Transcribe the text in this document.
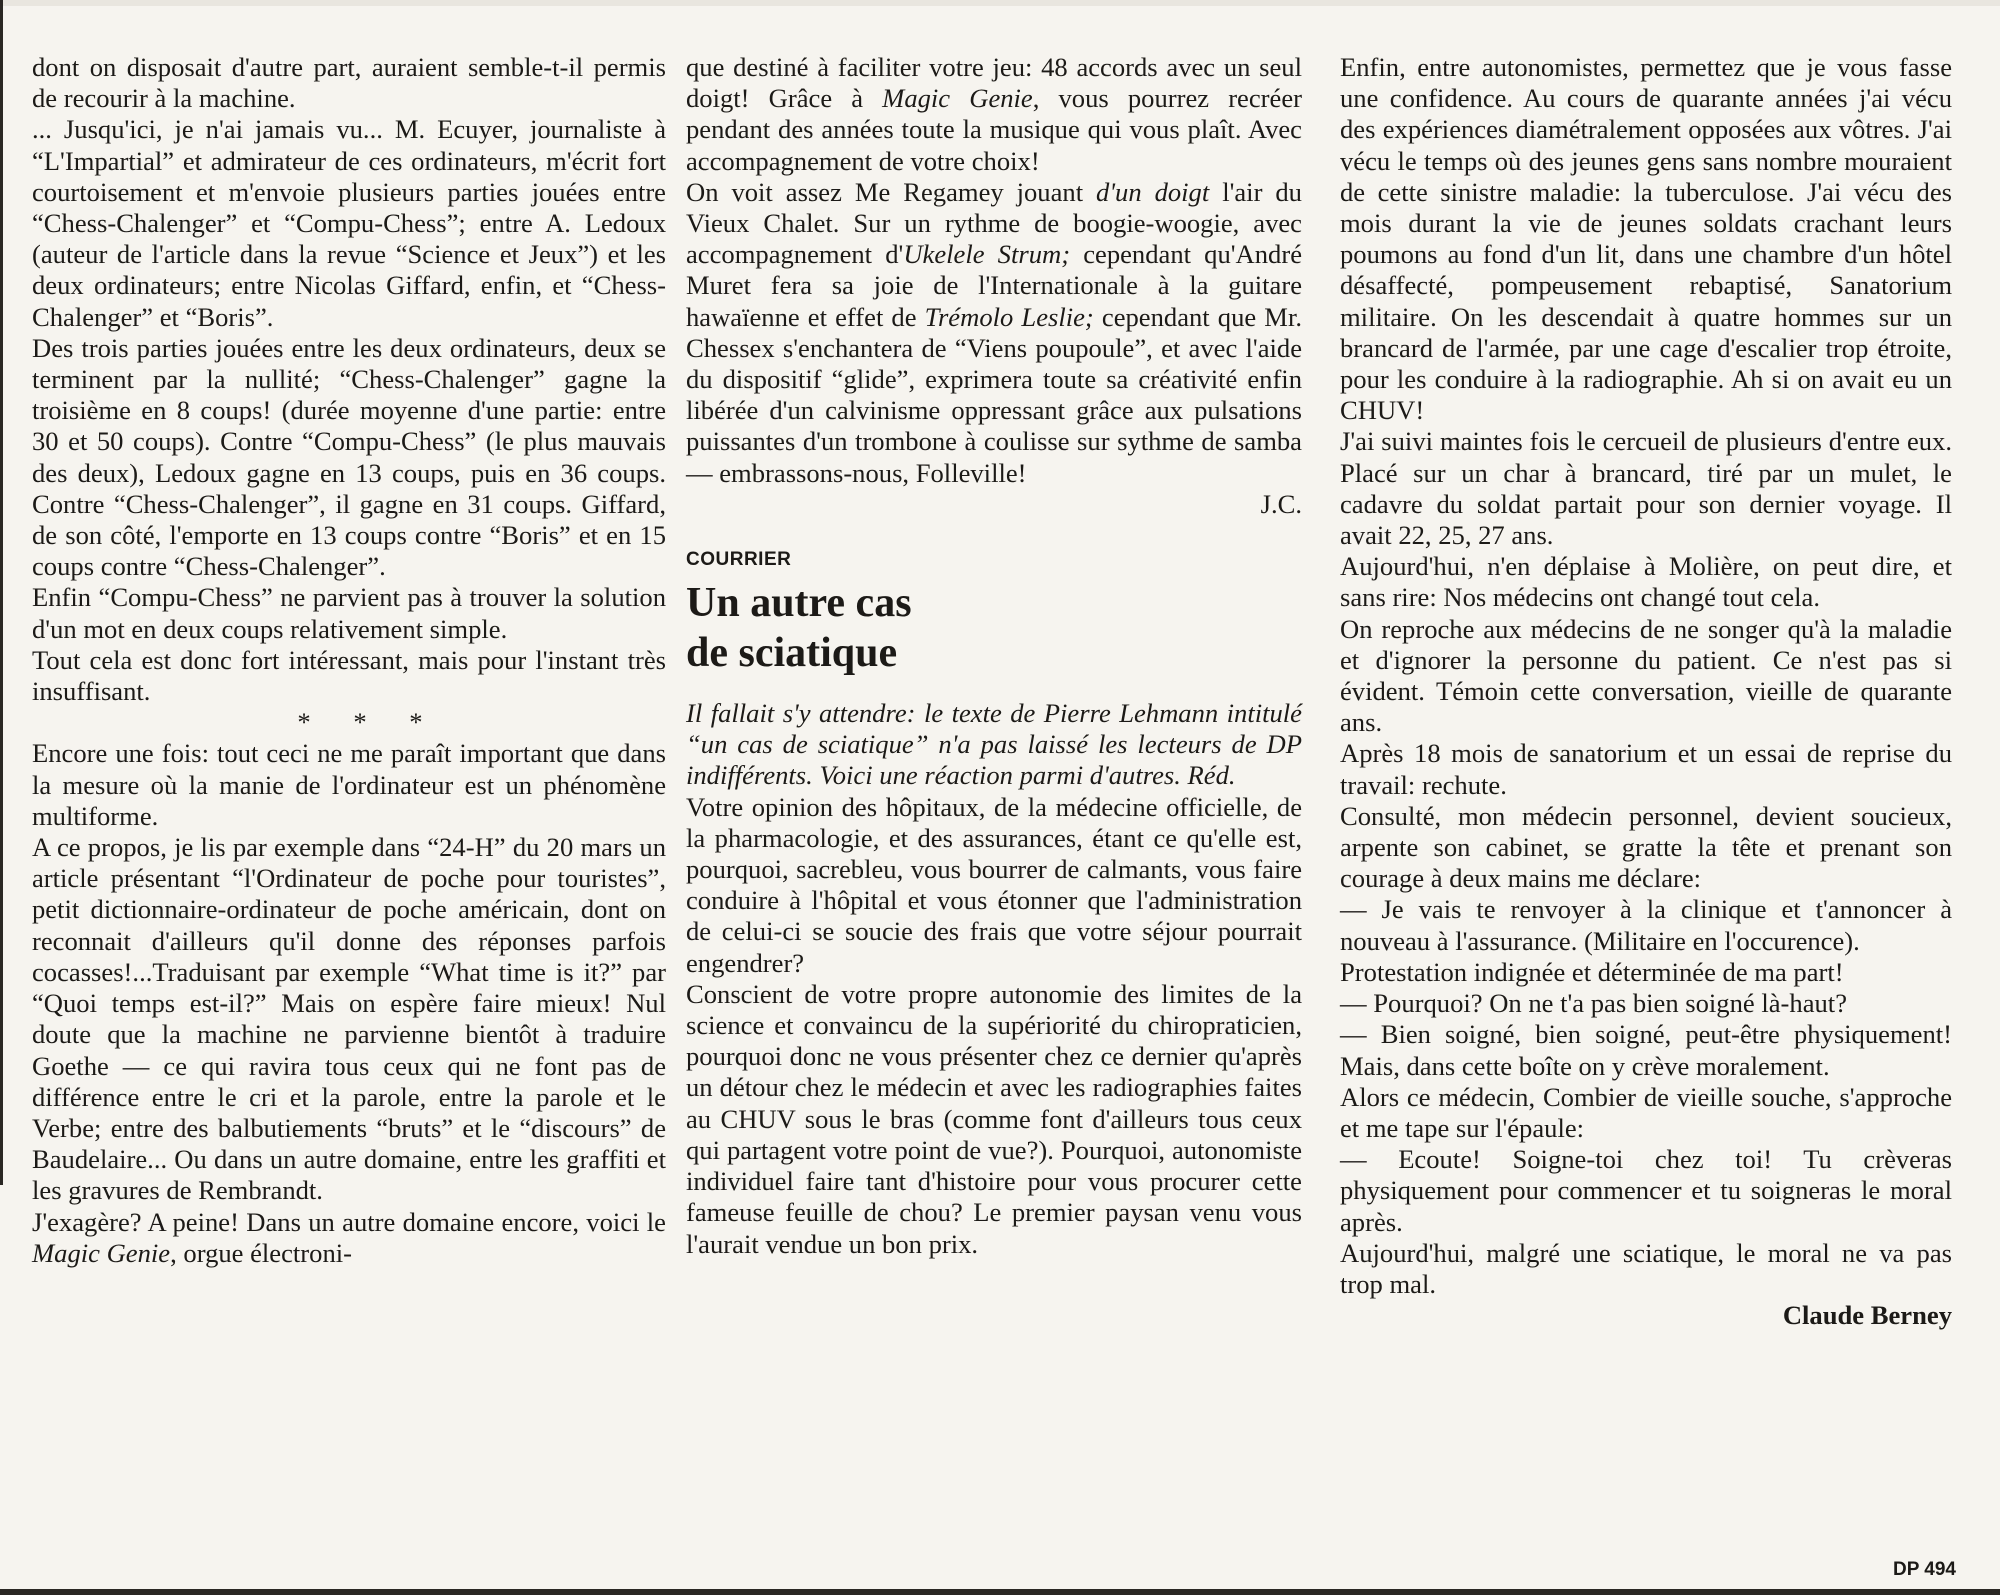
dont on disposait d'autre part, auraient semble-t-il permis de recourir à la machine.

... Jusqu'ici, je n'ai jamais vu... M. Ecuyer, journaliste à “L'Impartial” et admirateur de ces ordinateurs, m'écrit fort courtoisement et m'envoie plusieurs parties jouées entre “Chess-Chalenger” et “Compu-Chess”; entre A. Ledoux (auteur de l'article dans la revue “Science et Jeux”) et les deux ordinateurs; entre Nicolas Giffard, enfin, et “Chess-Chalenger” et “Boris”.

Des trois parties jouées entre les deux ordinateurs, deux se terminent par la nullité; “Chess-Chalenger” gagne la troisième en 8 coups! (durée moyenne d'une partie: entre 30 et 50 coups). Contre “Compu-Chess” (le plus mauvais des deux), Ledoux gagne en 13 coups, puis en 36 coups. Contre “Chess-Chalenger”, il gagne en 31 coups. Giffard, de son côté, l'emporte en 13 coups contre “Boris” et en 15 coups contre “Chess-Chalenger”.

Enfin “Compu-Chess” ne parvient pas à trouver la solution d'un mot en deux coups relativement simple.

Tout cela est donc fort intéressant, mais pour l'instant très insuffisant.

* * *

Encore une fois: tout ceci ne me paraît important que dans la mesure où la manie de l'ordinateur est un phénomène multiforme.

A ce propos, je lis par exemple dans “24-H” du 20 mars un article présentant “l'Ordinateur de poche pour touristes”, petit dictionnaire-ordinateur de poche américain, dont on reconnait d'ailleurs qu'il donne des réponses parfois cocasses!...Traduisant par exemple “What time is it?” par “Quoi temps est-il?” Mais on espère faire mieux! Nul doute que la machine ne parvienne bientôt à traduire Goethe — ce qui ravira tous ceux qui ne font pas de différence entre le cri et la parole, entre la parole et le Verbe; entre des balbutiements “bruts” et le “discours” de Baudelaire... Ou dans un autre domaine, entre les graffiti et les gravures de Rembrandt.

J'exagère? A peine! Dans un autre domaine encore, voici le Magic Genie, orgue électroni-

que destiné à faciliter votre jeu: 48 accords avec un seul doigt! Grâce à Magic Genie, vous pourrez recréer pendant des années toute la musique qui vous plaît. Avec accompagnement de votre choix!

On voit assez Me Regamey jouant d'un doigt l'air du Vieux Chalet. Sur un rythme de boogie-woogie, avec accompagnement d'Ukelele Strum; cependant qu'André Muret fera sa joie de l'Internationale à la guitare hawaïenne et effet de Trémolo Leslie; cependant que Mr. Chessex s'enchantera de “Viens poupoule”, et avec l'aide du dispositif “glide”, exprimera toute sa créativité enfin libérée d'un calvinisme oppressant grâce aux pulsations puissantes d'un trombone à coulisse sur sythme de samba — embrassons-nous, Folleville!

J.C.

COURRIER
Un autre cas
de sciatique

Il fallait s'y attendre: le texte de Pierre Lehmann intitulé “un cas de sciatique” n'a pas laissé les lecteurs de DP indifférents. Voici une réaction parmi d'autres. Réd.

Votre opinion des hôpitaux, de la médecine officielle, de la pharmacologie, et des assurances, étant ce qu'elle est, pourquoi, sacrebleu, vous bourrer de calmants, vous faire conduire à l'hôpital et vous étonner que l'administration de celui-ci se soucie des frais que votre séjour pourrait engendrer?

Conscient de votre propre autonomie des limites de la science et convaincu de la supériorité du chiropraticien, pourquoi donc ne vous présenter chez ce dernier qu'après un détour chez le médecin et avec les radiographies faites au CHUV sous le bras (comme font d'ailleurs tous ceux qui partagent votre point de vue?). Pourquoi, autonomiste individuel faire tant d'histoire pour vous procurer cette fameuse feuille de chou? Le premier paysan venu vous l'aurait vendue un bon prix.

Enfin, entre autonomistes, permettez que je vous fasse une confidence. Au cours de quarante années j'ai vécu des expériences diamétralement opposées aux vôtres. J'ai vécu le temps où des jeunes gens sans nombre mouraient de cette sinistre maladie: la tuberculose. J'ai vécu des mois durant la vie de jeunes soldats crachant leurs poumons au fond d'un lit, dans une chambre d'un hôtel désaffecté, pompeusement rebaptisé, Sanatorium militaire. On les descendait à quatre hommes sur un brancard de l'armée, par une cage d'escalier trop étroite, pour les conduire à la radiographie. Ah si on avait eu un CHUV!

J'ai suivi maintes fois le cercueil de plusieurs d'entre eux. Placé sur un char à brancard, tiré par un mulet, le cadavre du soldat partait pour son dernier voyage. Il avait 22, 25, 27 ans.

Aujourd'hui, n'en déplaise à Molière, on peut dire, et sans rire: Nos médecins ont changé tout cela.

On reproche aux médecins de ne songer qu'à la maladie et d'ignorer la personne du patient. Ce n'est pas si évident. Témoin cette conversation, vieille de quarante ans.

Après 18 mois de sanatorium et un essai de reprise du travail: rechute.

Consulté, mon médecin personnel, devient soucieux, arpente son cabinet, se gratte la tête et prenant son courage à deux mains me déclare:

— Je vais te renvoyer à la clinique et t'annoncer à nouveau à l'assurance. (Militaire en l'occurence).

Protestation indignée et déterminée de ma part!

— Pourquoi? On ne t'a pas bien soigné là-haut?

— Bien soigné, bien soigné, peut-être physiquement! Mais, dans cette boîte on y crève moralement.

Alors ce médecin, Combier de vieille souche, s'approche et me tape sur l'épaule:

— Ecoute! Soigne-toi chez toi! Tu crèveras physiquement pour commencer et tu soigneras le moral après.

Aujourd'hui, malgré une sciatique, le moral ne va pas trop mal.

Claude Berney

DP 494
